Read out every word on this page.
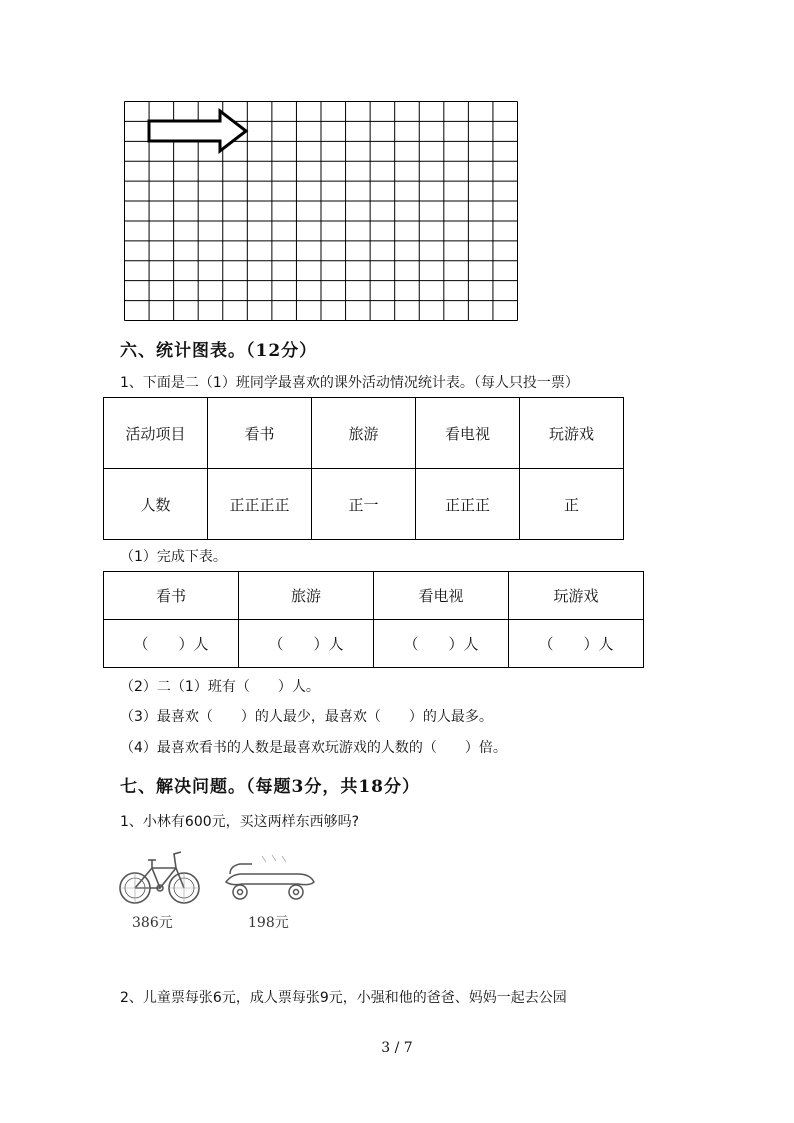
六、统计图表。（12分）
1、下面是二（1）班同学最喜欢的课外活动情况统计表。（每人只投一票）
活动项目	看书	旅游	看电视	玩游戏
人数	正正正正	正一	正正正	正
（1）完成下表。
看书	旅游	看电视	玩游戏
（　　）人	（　　）人	（　　）人	（　　）人
（2）二（1）班有（　　）人。
（3）最喜欢（　　）的人最少，最喜欢（　　）的人最多。
（4）最喜欢看书的人数是最喜欢玩游戏的人数的（　　）倍。
七、解决问题。（每题3分，共18分）
1、小林有600元，买这两样东西够吗?
386元	198元
2、儿童票每张6元，成人票每张9元，小强和他的爸爸、妈妈一起去公园
3 / 7
